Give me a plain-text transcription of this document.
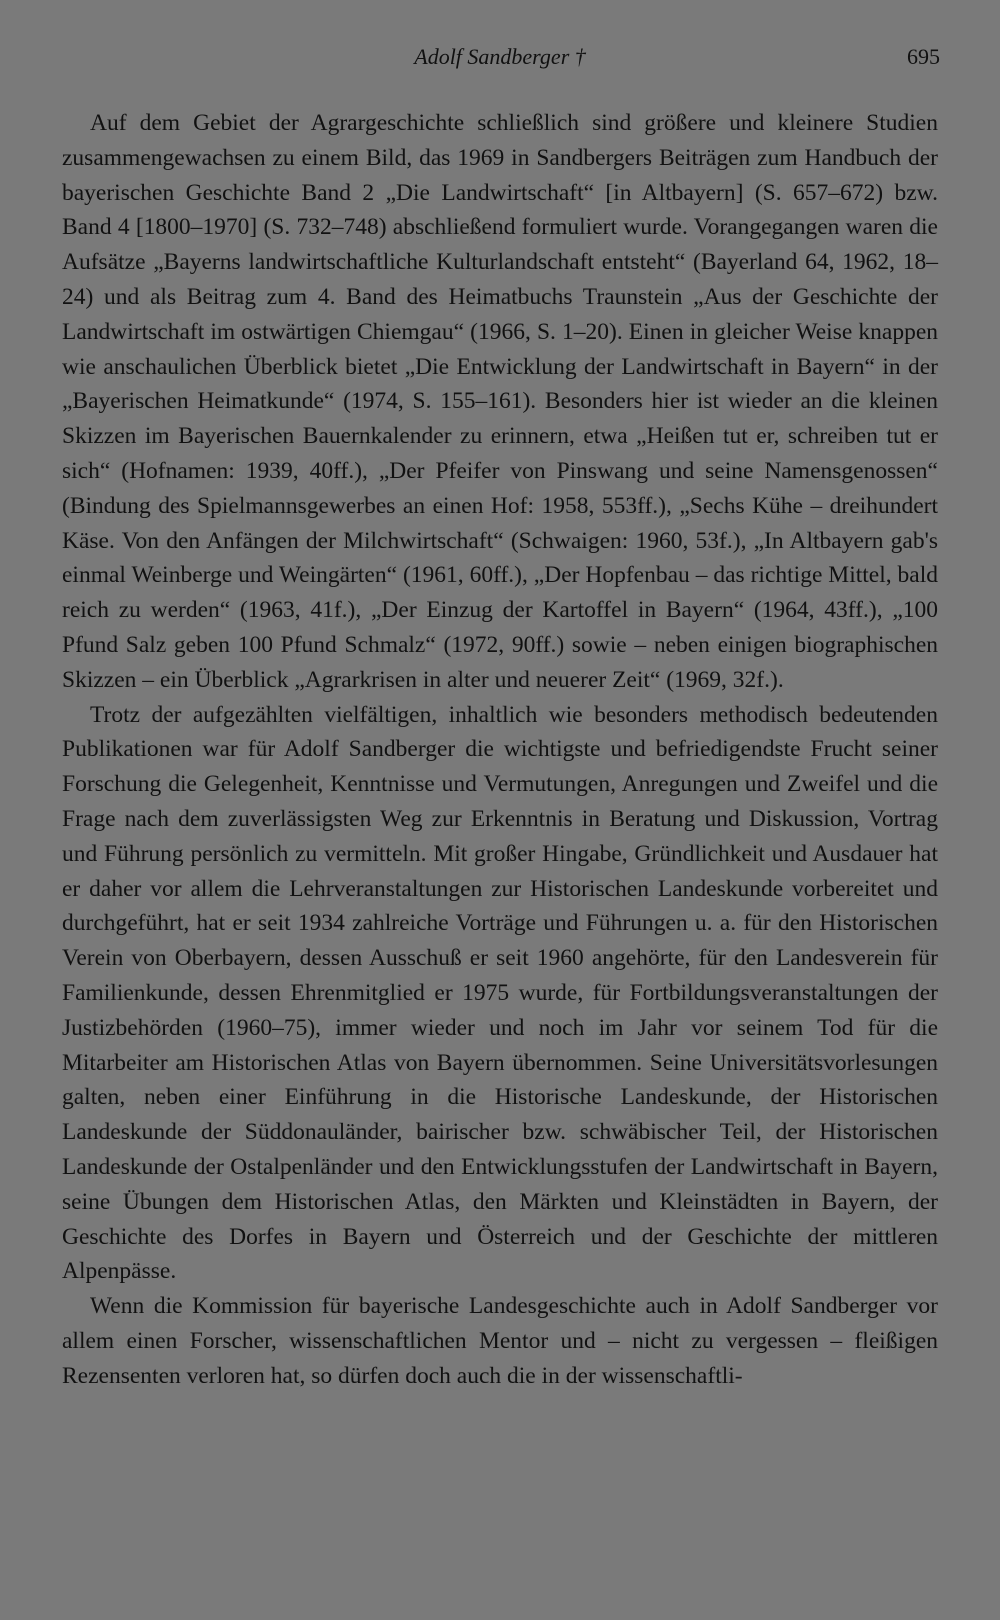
Adolf Sandberger †	695

Auf dem Gebiet der Agrargeschichte schließlich sind größere und kleinere Studien zusammengewachsen zu einem Bild, das 1969 in Sandbergers Beiträgen zum Handbuch der bayerischen Geschichte Band 2 „Die Landwirtschaft“ [in Altbayern] (S. 657–672) bzw. Band 4 [1800–1970] (S. 732–748) abschließend formuliert wurde. Vorangegangen waren die Aufsätze „Bayerns landwirtschaftliche Kulturlandschaft entsteht“ (Bayerland 64, 1962, 18–24) und als Beitrag zum 4. Band des Heimatbuchs Traunstein „Aus der Geschichte der Landwirtschaft im ostwärtigen Chiemgau“ (1966, S. 1–20). Einen in gleicher Weise knappen wie anschaulichen Überblick bietet „Die Entwicklung der Landwirtschaft in Bayern“ in der „Bayerischen Heimatkunde“ (1974, S. 155–161). Besonders hier ist wieder an die kleinen Skizzen im Bayerischen Bauernkalender zu erinnern, etwa „Heißen tut er, schreiben tut er sich“ (Hofnamen: 1939, 40ff.), „Der Pfeifer von Pinswang und seine Namensgenossen“ (Bindung des Spielmannsgewerbes an einen Hof: 1958, 553ff.), „Sechs Kühe – dreihundert Käse. Von den Anfängen der Milchwirtschaft“ (Schwaigen: 1960, 53f.), „In Altbayern gab's einmal Weinberge und Weingärten“ (1961, 60ff.), „Der Hopfenbau – das richtige Mittel, bald reich zu werden“ (1963, 41f.), „Der Einzug der Kartoffel in Bayern“ (1964, 43ff.), „100 Pfund Salz geben 100 Pfund Schmalz“ (1972, 90ff.) sowie – neben einigen biographischen Skizzen – ein Überblick „Agrarkrisen in alter und neuerer Zeit“ (1969, 32f.).

Trotz der aufgezählten vielfältigen, inhaltlich wie besonders methodisch bedeutenden Publikationen war für Adolf Sandberger die wichtigste und befriedigendste Frucht seiner Forschung die Gelegenheit, Kenntnisse und Vermutungen, Anregungen und Zweifel und die Frage nach dem zuverlässigsten Weg zur Erkenntnis in Beratung und Diskussion, Vortrag und Führung persönlich zu vermitteln. Mit großer Hingabe, Gründlichkeit und Ausdauer hat er daher vor allem die Lehrveranstaltungen zur Historischen Landeskunde vorbereitet und durchgeführt, hat er seit 1934 zahlreiche Vorträge und Führungen u. a. für den Historischen Verein von Oberbayern, dessen Ausschuß er seit 1960 angehörte, für den Landesverein für Familienkunde, dessen Ehrenmitglied er 1975 wurde, für Fortbildungsveranstaltungen der Justizbehörden (1960–75), immer wieder und noch im Jahr vor seinem Tod für die Mitarbeiter am Historischen Atlas von Bayern übernommen. Seine Universitätsvorlesungen galten, neben einer Einführung in die Historische Landeskunde, der Historischen Landeskunde der Süddonauländer, bairischer bzw. schwäbischer Teil, der Historischen Landeskunde der Ostalpenländer und den Entwicklungsstufen der Landwirtschaft in Bayern, seine Übungen dem Historischen Atlas, den Märkten und Kleinstädten in Bayern, der Geschichte des Dorfes in Bayern und Österreich und der Geschichte der mittleren Alpenpässe.

Wenn die Kommission für bayerische Landesgeschichte auch in Adolf Sandberger vor allem einen Forscher, wissenschaftlichen Mentor und – nicht zu vergessen – fleißigen Rezensenten verloren hat, so dürfen doch auch die in der wissenschaftli-
